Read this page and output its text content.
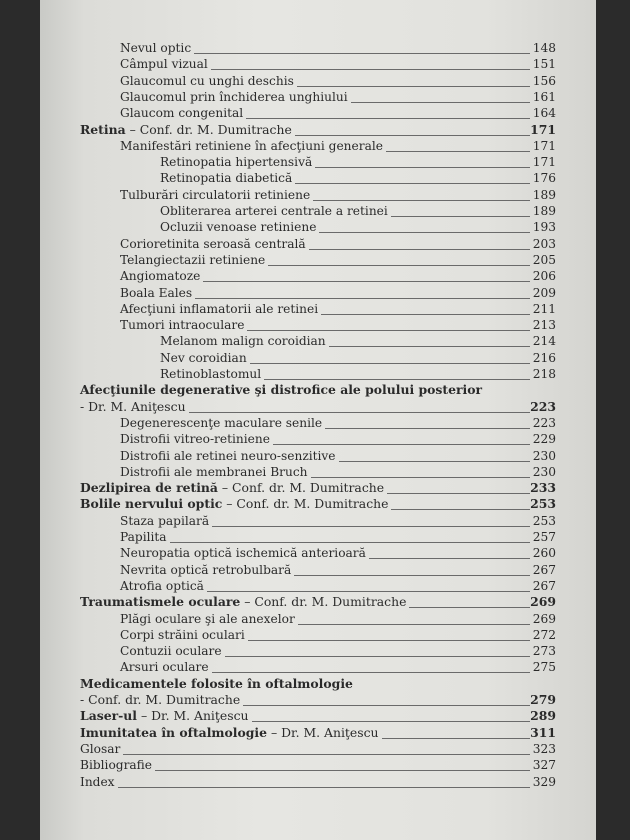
Nevul optic	148
Câmpul vizual	151
Glaucomul cu unghi deschis	156
Glaucomul prin închiderea unghiului	161
Glaucom congenital	164
Retina – Conf. dr. M. Dumitrache	171
Manifestări retiniene în afecţiuni generale	171
Retinopatia hipertensivă	171
Retinopatia diabetică	176
Tulburări circulatorii retiniene	189
Obliterarea arterei centrale a retinei	189
Ocluzii venoase retiniene	193
Corioretinita seroasă centrală	203
Telangiectazii retiniene	205
Angiomatoze	206
Boala Eales	209
Afecţiuni inflamatorii ale retinei	211
Tumori intraoculare	213
Melanom malign coroidian	214
Nev coroidian	216
Retinoblastomul	218
Afecţiunile degenerative şi distrofice ale polului posterior
- Dr. M. Aniţescu	223
Degenerescenţe maculare senile	223
Distrofii vitreo-retiniene	229
Distrofii ale retinei neuro-senzitive	230
Distrofii ale membranei Bruch	230
Dezlipirea de retină – Conf. dr. M. Dumitrache	233
Bolile nervului optic – Conf. dr. M. Dumitrache	253
Staza papilară	253
Papilita	257
Neuropatia optică ischemică anterioară	260
Nevrita optică retrobulbară	267
Atrofia optică	267
Traumatismele oculare – Conf. dr. M. Dumitrache	269
Plăgi oculare şi ale anexelor	269
Corpi străini oculari	272
Contuzii oculare	273
Arsuri oculare	275
Medicamentele folosite în oftalmologie
- Conf. dr. M. Dumitrache	279
Laser-ul – Dr. M. Aniţescu	289
Imunitatea în oftalmologie – Dr. M. Aniţescu	311
Glosar	323
Bibliografie	327
Index	329
